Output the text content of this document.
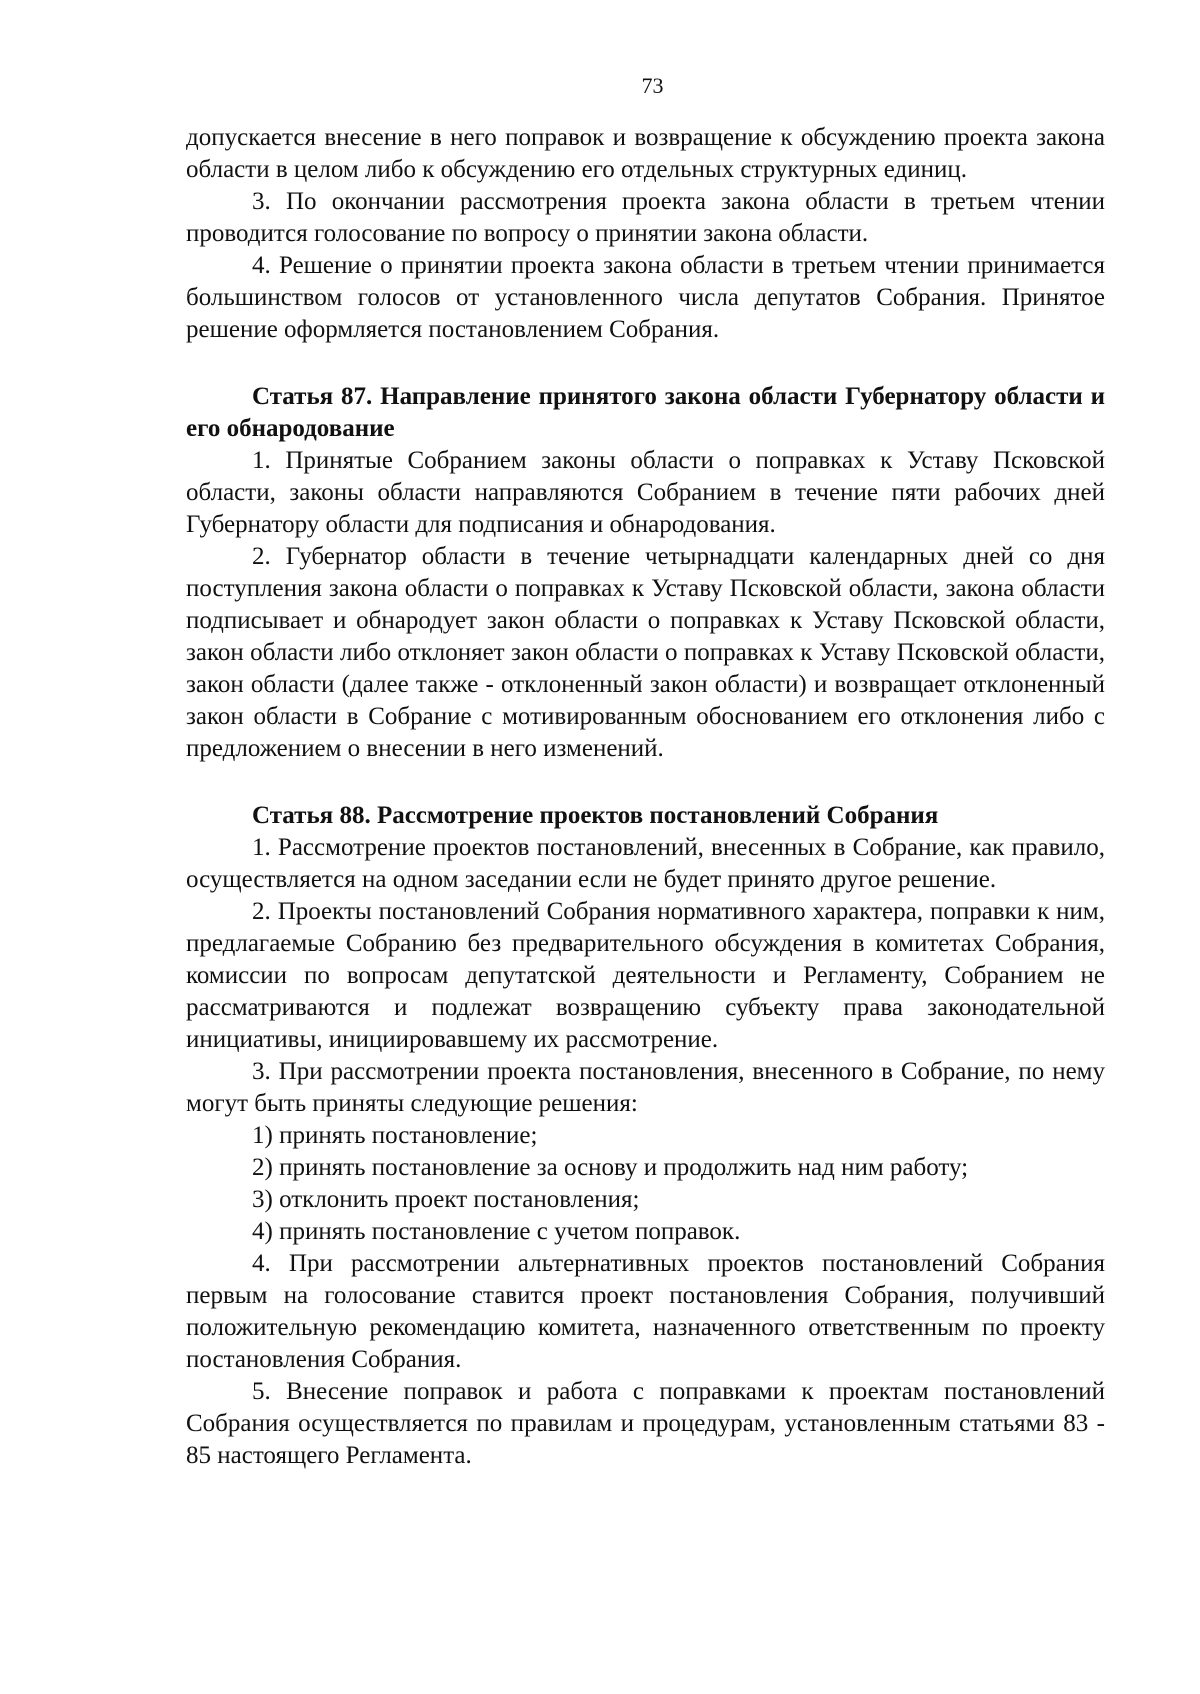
73

допускается внесение в него поправок и возвращение к обсуждению проекта закона области в целом либо к обсуждению его отдельных структурных единиц.

3. По окончании рассмотрения проекта закона области в третьем чтении проводится голосование по вопросу о принятии закона области.

4. Решение о принятии проекта закона области в третьем чтении принимается большинством голосов от установленного числа депутатов Собрания. Принятое решение оформляется постановлением Собрания.

Статья 87. Направление принятого закона области Губернатору области и его обнародование

1. Принятые Собранием законы области о поправках к Уставу Псковской области, законы области направляются Собранием в течение пяти рабочих дней Губернатору области для подписания и обнародования.

2. Губернатор области в течение четырнадцати календарных дней со дня поступления закона области о поправках к Уставу Псковской области, закона области подписывает и обнародует закон области о поправках к Уставу Псковской области, закон области либо отклоняет закон области о поправках к Уставу Псковской области, закон области (далее также - отклоненный закон области) и возвращает отклоненный закон области в Собрание с мотивированным обоснованием его отклонения либо с предложением о внесении в него изменений.

Статья 88. Рассмотрение проектов постановлений Собрания

1. Рассмотрение проектов постановлений, внесенных в Собрание, как правило, осуществляется на одном заседании если не будет принято другое решение.

2. Проекты постановлений Собрания нормативного характера, поправки к ним, предлагаемые Собранию без предварительного обсуждения в комитетах Собрания, комиссии по вопросам депутатской деятельности и Регламенту, Собранием не рассматриваются и подлежат возвращению субъекту права законодательной инициативы, инициировавшему их рассмотрение.

3. При рассмотрении проекта постановления, внесенного в Собрание, по нему могут быть приняты следующие решения:

1) принять постановление;

2) принять постановление за основу и продолжить над ним работу;

3) отклонить проект постановления;

4) принять постановление с учетом поправок.

4. При рассмотрении альтернативных проектов постановлений Собрания первым на голосование ставится проект постановления Собрания, получивший положительную рекомендацию комитета, назначенного ответственным по проекту постановления Собрания.

5. Внесение поправок и работа с поправками к проектам постановлений Собрания осуществляется по правилам и процедурам, установленным статьями 83 - 85 настоящего Регламента.
